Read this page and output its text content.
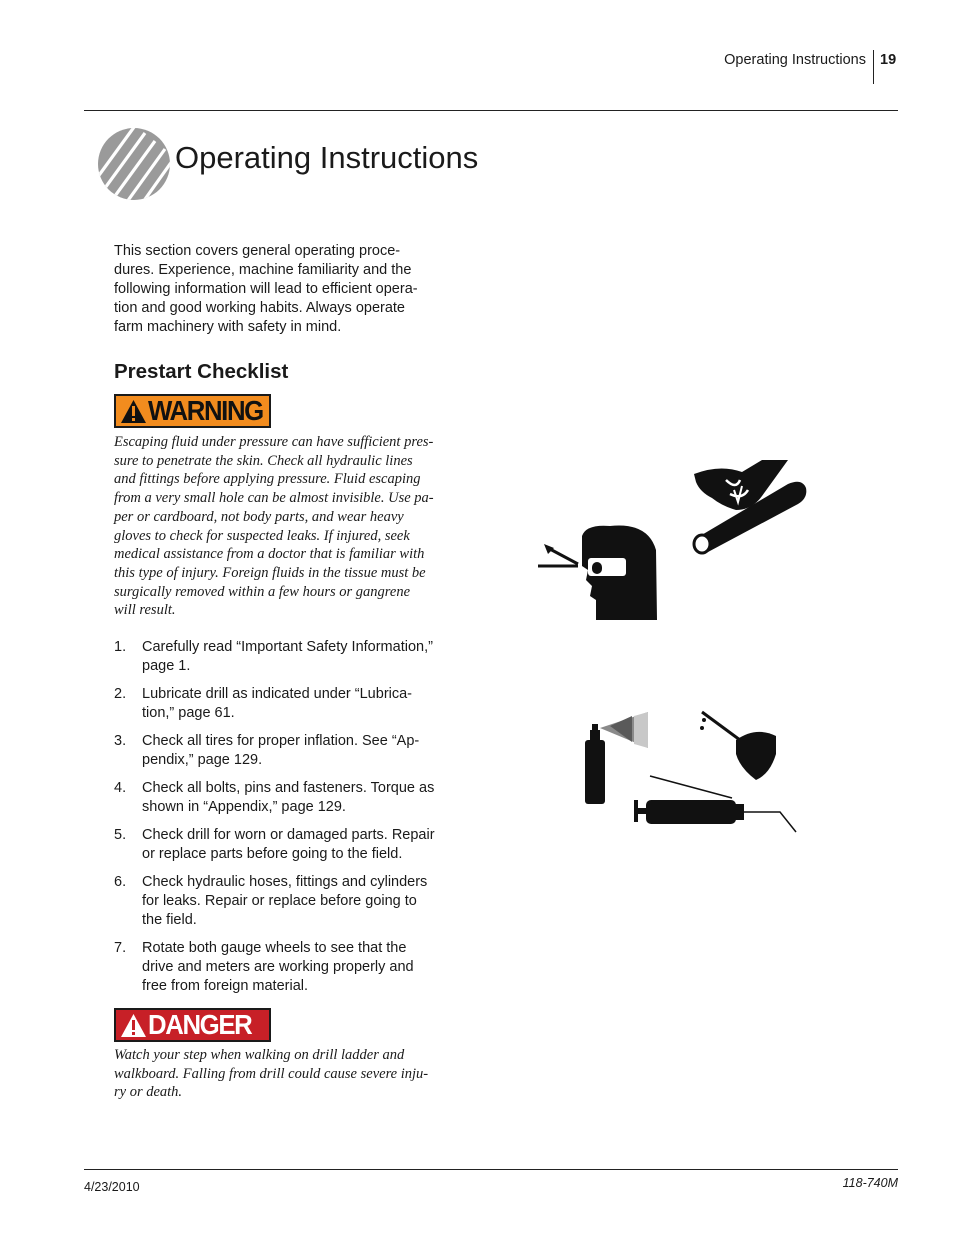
Operating Instructions 19
Operating Instructions
This section covers general operating proce-
dures. Experience, machine familiarity and the
following information will lead to efficient opera-
tion and good working habits. Always operate
farm machinery with safety in mind.
Prestart Checklist
WARNING
Escaping fluid under pressure can have sufficient pres-
sure to penetrate the skin. Check all hydraulic lines
and fittings before applying pressure. Fluid escaping
from a very small hole can be almost invisible. Use pa-
per or cardboard, not body parts, and wear heavy
gloves to check for suspected leaks. If injured, seek
medical assistance from a doctor that is familiar with
this type of injury. Foreign fluids in the tissue must be
surgically removed within a few hours or gangrene
will result.
1. Carefully read “Important Safety Information,”
page 1.
2. Lubricate drill as indicated under “Lubrica-
tion,” page 61.
3. Check all tires for proper inflation. See “Ap-
pendix,” page 129.
4. Check all bolts, pins and fasteners. Torque as
shown in “Appendix,” page 129.
5. Check drill for worn or damaged parts. Repair
or replace parts before going to the field.
6. Check hydraulic hoses, fittings and cylinders
for leaks. Repair or replace before going to
the field.
7. Rotate both gauge wheels to see that the
drive and meters are working properly and
free from foreign material.
DANGER
Watch your step when walking on drill ladder and
walkboard. Falling from drill could cause severe inju-
ry or death.
4/23/2010	118-740M
